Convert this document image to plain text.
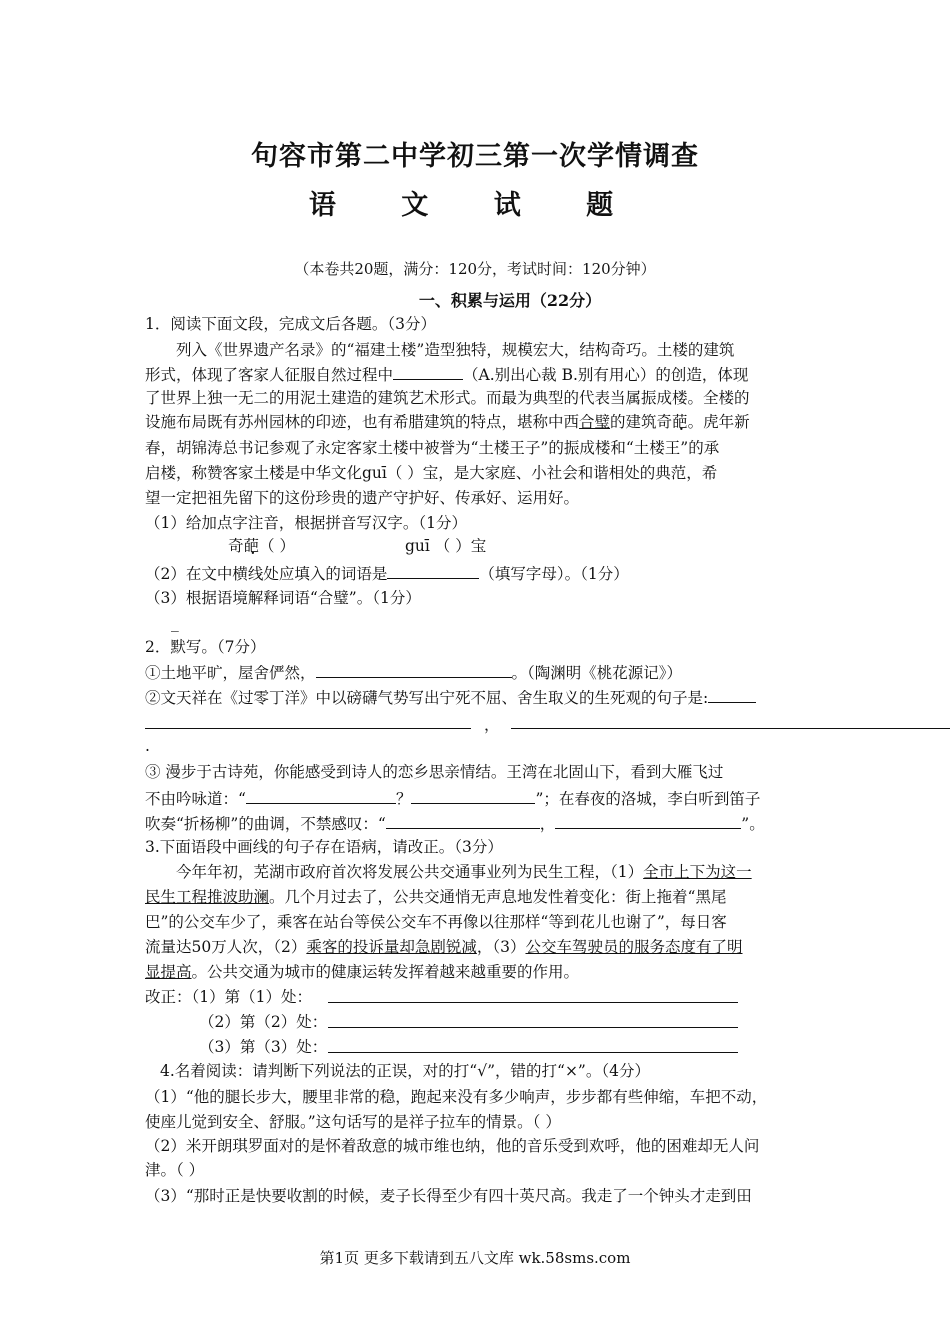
句容市第二中学初三第一次学情调查
语 文 试 题
（本卷共20题，满分：120分，考试时间：120分钟）
一、积累与运用（22分）
1．阅读下面文段，完成文后各题。（3分）
列入《世界遗产名录》的“福建土楼”造型独特，规模宏大，结构奇巧。土楼的建筑
形式，体现了客家人征服自然过程中	（A.别出心裁 B.别有用心）的创造，体现
了世界上独一无二的用泥土建造的建筑艺术形式。而最为典型的代表当属振成楼。全楼的
设施布局既有苏州园林的印迹，也有希腊建筑的特点，堪称中西合璧的建筑奇葩。虎年新
春，胡锦涛总书记参观了永定客家土楼中被誉为“土楼王子”的振成楼和“土楼王”的承
启楼，称赞客家土楼是中华文化guī（ ）宝，是大家庭、小社会和谐相处的典范，希
望一定把祖先留下的这份珍贵的遗产守护好、传承好、运用好。
（1）给加点字注音，根据拼音写汉字。（1分）
奇葩（ ）	guī （ ）宝
（2）在文中横线处应填入的词语是	（填写字母）。（1分）
（3）根据语境解释词语“合璧”。（1分）
_
2．默写。（7分）
①土地平旷，屋舍俨然，	。（陶渊明《桃花源记》）
②文天祥在《过零丁洋》中以磅礴气势写出宁死不屈、舍生取义的生死观的句子是:
，
.
③ 漫步于古诗苑，你能感受到诗人的恋乡思亲情结。王湾在北固山下，看到大雁飞过
不由吟咏道：“	？	”；在春夜的洛城，李白听到笛子
吹奏“折杨柳”的曲调，不禁感叹：“	，	”。
3.下面语段中画线的句子存在语病，请改正。（3分）
今年年初，芜湖市政府首次将发展公共交通事业列为民生工程，（1）全市上下为这一
民生工程推波助澜。几个月过去了，公共交通悄无声息地发性着变化：街上拖着“黑尾
巴”的公交车少了，乘客在站台等侯公交车不再像以往那样“等到花儿也谢了”，每日客
流量达50万人次，（2）乘客的投诉量却急剧锐减，（3）公交车驾驶员的服务态度有了明
显提高。公共交通为城市的健康运转发挥着越来越重要的作用。
改正：（1）第（1）处：
（2）第（2）处：
（3）第（3）处：
4.名着阅读：请判断下列说法的正误，对的打“√”，错的打“×”。（4分）
（1）“他的腿长步大，腰里非常的稳，跑起来没有多少响声，步步都有些伸缩，车把不动，
使座儿觉到安全、舒服。”这句话写的是祥子拉车的情景。（ ）
（2）米开朗琪罗面对的是怀着敌意的城市维也纳，他的音乐受到欢呼，他的困难却无人问
津。（ ）
（3）“那时正是快要收割的时候，麦子长得至少有四十英尺高。我走了一个钟头才走到田
第1页 更多下载请到五八文库 wk.58sms.com
